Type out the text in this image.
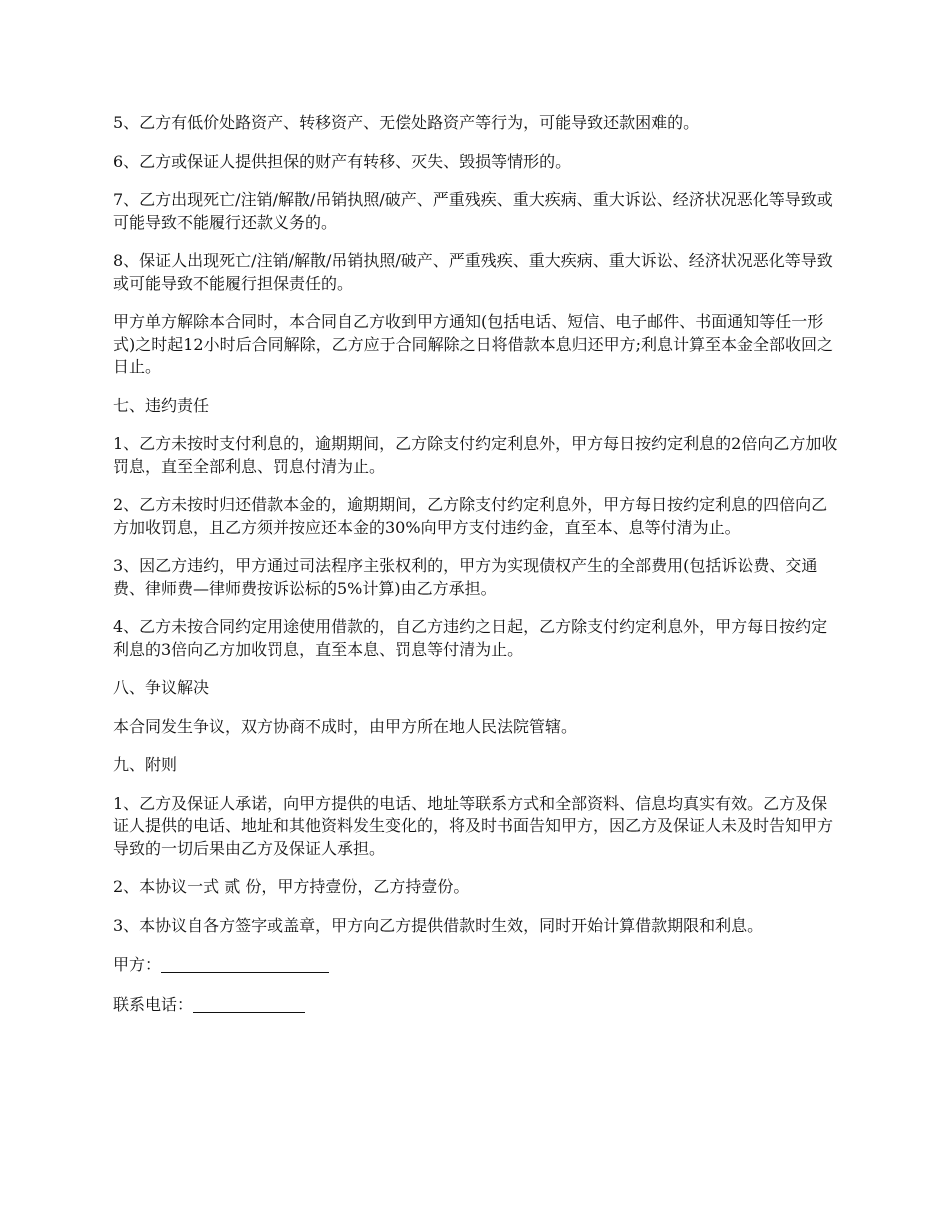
5、乙方有低价处路资产、转移资产、无偿处路资产等行为，可能导致还款困难的。

6、乙方或保证人提供担保的财产有转移、灭失、毁损等情形的。

7、乙方出现死亡/注销/解散/吊销执照/破产、严重残疾、重大疾病、重大诉讼、经济状况恶化等导致或可能导致不能履行还款义务的。

8、保证人出现死亡/注销/解散/吊销执照/破产、严重残疾、重大疾病、重大诉讼、经济状况恶化等导致或可能导致不能履行担保责任的。

甲方单方解除本合同时，本合同自乙方收到甲方通知(包括电话、短信、电子邮件、书面通知等任一形式)之时起12小时后合同解除，乙方应于合同解除之日将借款本息归还甲方;利息计算至本金全部收回之日止。

七、违约责任

1、乙方未按时支付利息的，逾期期间，乙方除支付约定利息外，甲方每日按约定利息的2倍向乙方加收罚息，直至全部利息、罚息付清为止。

2、乙方未按时归还借款本金的，逾期期间，乙方除支付约定利息外，甲方每日按约定利息的四倍向乙方加收罚息，且乙方须并按应还本金的30%向甲方支付违约金，直至本、息等付清为止。

3、因乙方违约，甲方通过司法程序主张权利的，甲方为实现债权产生的全部费用(包括诉讼费、交通费、律师费—律师费按诉讼标的5%计算)由乙方承担。

4、乙方未按合同约定用途使用借款的，自乙方违约之日起，乙方除支付约定利息外，甲方每日按约定利息的3倍向乙方加收罚息，直至本息、罚息等付清为止。

八、争议解决

本合同发生争议，双方协商不成时，由甲方所在地人民法院管辖。

九、附则

1、乙方及保证人承诺，向甲方提供的电话、地址等联系方式和全部资料、信息均真实有效。乙方及保证人提供的电话、地址和其他资料发生变化的，将及时书面告知甲方，因乙方及保证人未及时告知甲方导致的一切后果由乙方及保证人承担。

2、本协议一式 贰 份，甲方持壹份，乙方持壹份。

3、本协议自各方签字或盖章，甲方向乙方提供借款时生效，同时开始计算借款期限和利息。

甲方：

联系电话：
